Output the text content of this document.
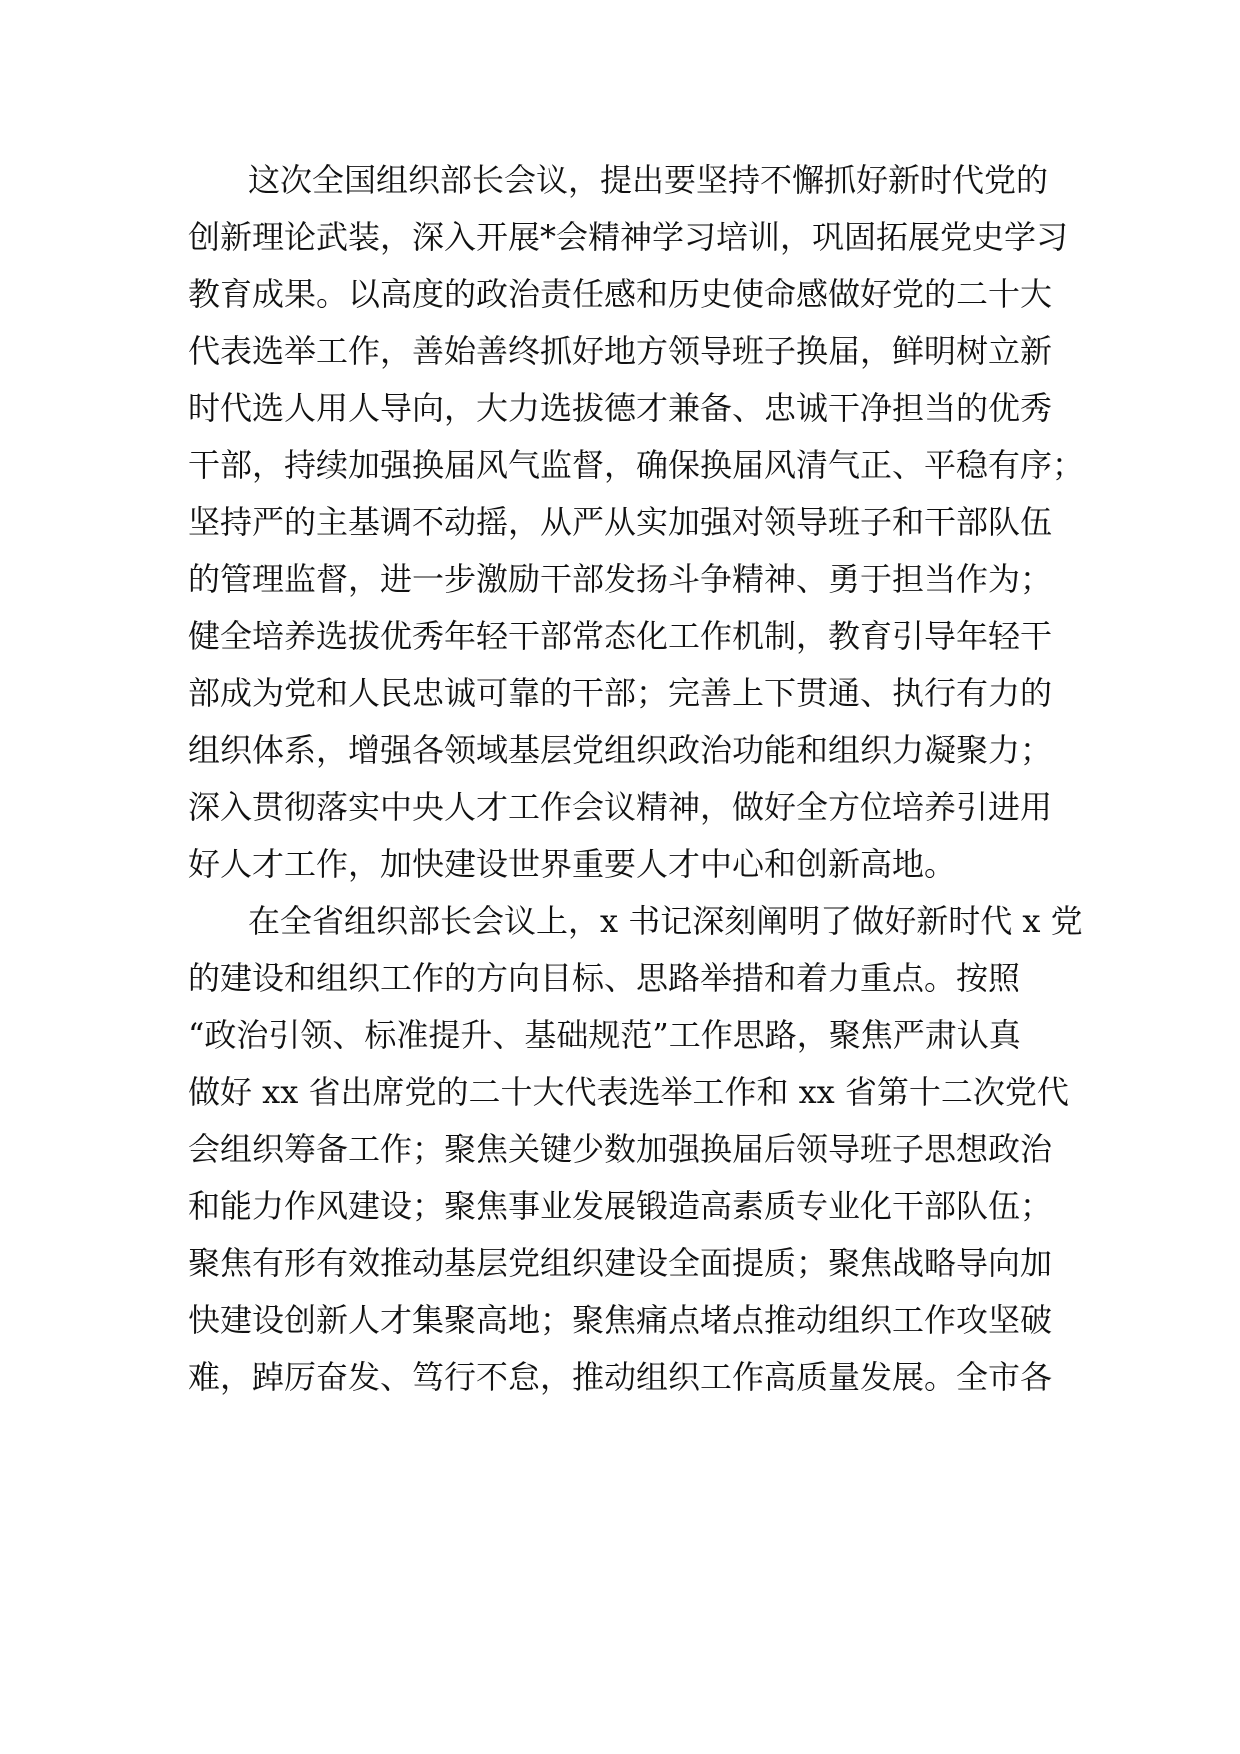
这次全国组织部长会议，提出要坚持不懈抓好新时代党的
创新理论武装，深入开展*会精神学习培训，巩固拓展党史学习
教育成果。以高度的政治责任感和历史使命感做好党的二十大
代表选举工作，善始善终抓好地方领导班子换届，鲜明树立新
时代选人用人导向，大力选拔德才兼备、忠诚干净担当的优秀
干部，持续加强换届风气监督，确保换届风清气正、平稳有序；
坚持严的主基调不动摇，从严从实加强对领导班子和干部队伍
的管理监督，进一步激励干部发扬斗争精神、勇于担当作为；
健全培养选拔优秀年轻干部常态化工作机制，教育引导年轻干
部成为党和人民忠诚可靠的干部；完善上下贯通、执行有力的
组织体系，增强各领域基层党组织政治功能和组织力凝聚力；
深入贯彻落实中央人才工作会议精神，做好全方位培养引进用
好人才工作，加快建设世界重要人才中心和创新高地。
在全省组织部长会议上，x 书记深刻阐明了做好新时代 x 党
的建设和组织工作的方向目标、思路举措和着力重点。按照
“政治引领、标准提升、基础规范”工作思路，聚焦严肃认真
做好 xx 省出席党的二十大代表选举工作和 xx 省第十二次党代
会组织筹备工作；聚焦关键少数加强换届后领导班子思想政治
和能力作风建设；聚焦事业发展锻造高素质专业化干部队伍；
聚焦有形有效推动基层党组织建设全面提质；聚焦战略导向加
快建设创新人才集聚高地；聚焦痛点堵点推动组织工作攻坚破
难，踔厉奋发、笃行不怠，推动组织工作高质量发展。全市各
